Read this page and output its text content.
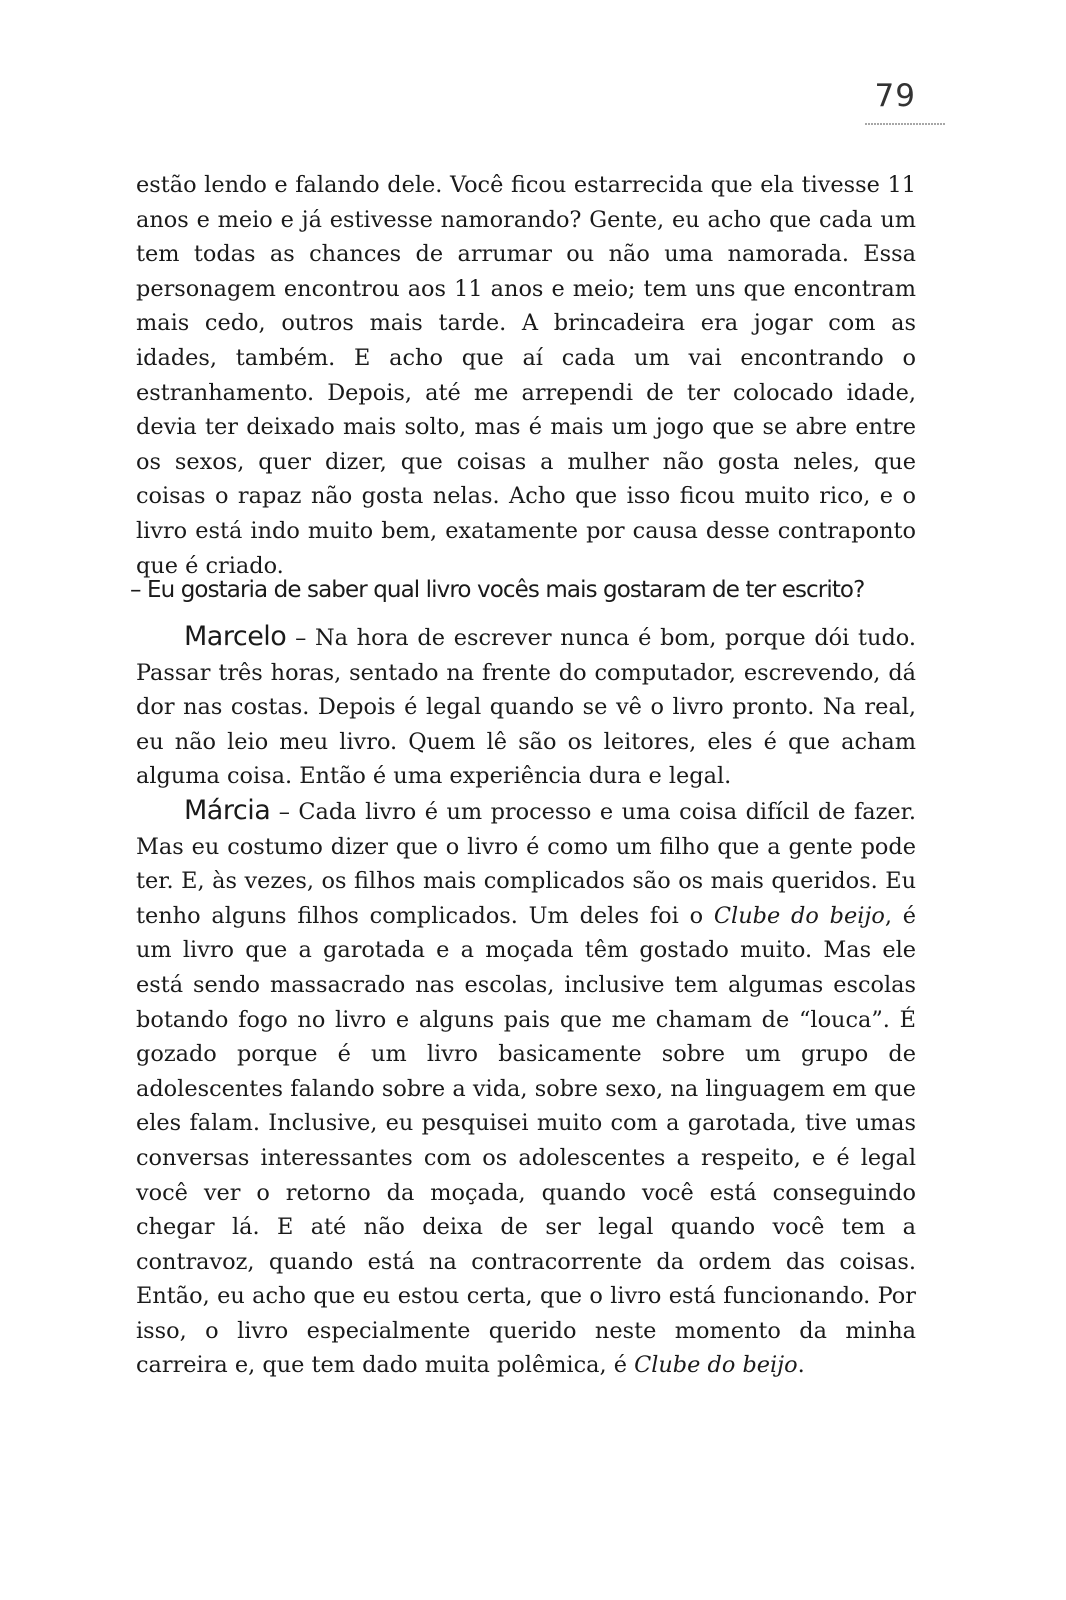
79

estão lendo e falando dele. Você ficou estarrecida que ela tivesse 11 anos e meio e já estivesse namorando? Gente, eu acho que cada um tem todas as chances de arrumar ou não uma namorada. Essa personagem encontrou aos 11 anos e meio; tem uns que encontram mais cedo, outros mais tarde. A brincadeira era jogar com as idades, também. E acho que aí cada um vai encontrando o estranhamento. Depois, até me arrependi de ter colocado idade, devia ter deixado mais solto, mas é mais um jogo que se abre entre os sexos, quer dizer, que coisas a mulher não gosta neles, que coisas o rapaz não gosta nelas. Acho que isso ficou muito rico, e o livro está indo muito bem, exatamente por causa desse contraponto que é criado.

– Eu gostaria de saber qual livro vocês mais gostaram de ter escrito?

Marcelo – Na hora de escrever nunca é bom, porque dói tudo. Passar três horas, sentado na frente do computador, escrevendo, dá dor nas costas. Depois é legal quando se vê o livro pronto. Na real, eu não leio meu livro. Quem lê são os leitores, eles é que acham alguma coisa. Então é uma experiência dura e legal.

Márcia – Cada livro é um processo e uma coisa difícil de fazer. Mas eu costumo dizer que o livro é como um filho que a gente pode ter. E, às vezes, os filhos mais complicados são os mais queridos. Eu tenho alguns filhos complicados. Um deles foi o Clube do beijo, é um livro que a garotada e a moçada têm gostado muito. Mas ele está sendo massacrado nas escolas, inclusive tem algumas escolas botando fogo no livro e alguns pais que me chamam de “louca”. É gozado porque é um livro basicamente sobre um grupo de adolescentes falando sobre a vida, sobre sexo, na linguagem em que eles falam. Inclusive, eu pesquisei muito com a garotada, tive umas conversas interessantes com os adolescentes a respeito, e é legal você ver o retorno da moçada, quando você está conseguindo chegar lá. E até não deixa de ser legal quando você tem a contravoz, quando está na contracorrente da ordem das coisas. Então, eu acho que eu estou certa, que o livro está funcionando. Por isso, o livro especialmente querido neste momento da minha carreira e, que tem dado muita polêmica, é Clube do beijo.
